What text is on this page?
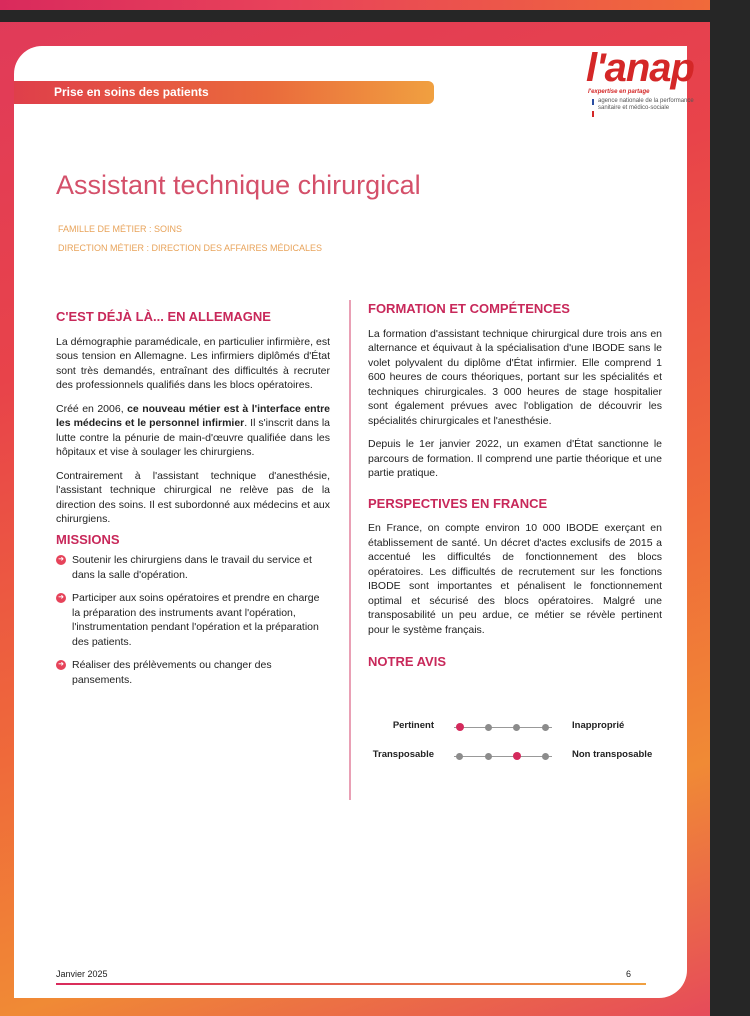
Prise en soins des patients
l'anap
l'expertise en partage
agence nationale de la performance sanitaire et médico-sociale
Assistant technique chirurgical
FAMILLE DE MÉTIER : SOINS
DIRECTION MÉTIER : DIRECTION DES AFFAIRES MÉDICALES
C'EST DÉJÀ LÀ... EN ALLEMAGNE

La démographie paramédicale, en particulier infirmière, est sous tension en Allemagne. Les infirmiers diplômés d'État sont très demandés, entraînant des difficultés à recruter des professionnels qualifiés dans les blocs opératoires.

Créé en 2006, ce nouveau métier est à l'interface entre les médecins et le personnel infirmier. Il s'inscrit dans la lutte contre la pénurie de main-d'œuvre qualifiée dans les hôpitaux et vise à soulager les chirurgiens.

Contrairement à l'assistant technique d'anesthésie, l'assistant technique chirurgical ne relève pas de la direction des soins. Il est subordonné aux médecins et aux chirurgiens.

MISSIONS
➜ Soutenir les chirurgiens dans le travail du service et dans la salle d'opération.
➜ Participer aux soins opératoires et prendre en charge la préparation des instruments avant l'opération, l'instrumentation pendant l'opération et la préparation des patients.
➜ Réaliser des prélèvements ou changer des pansements.
FORMATION ET COMPÉTENCES

La formation d'assistant technique chirurgical dure trois ans en alternance et équivaut à la spécialisation d'une IBODE sans le volet polyvalent du diplôme d'État infirmier. Elle comprend 1 600 heures de cours théoriques, portant sur les spécialités et techniques chirurgicales. 3 000 heures de stage hospitalier sont également prévues avec l'obligation de découvrir les spécialités chirurgicales et l'anesthésie.

Depuis le 1er janvier 2022, un examen d'État sanctionne le parcours de formation. Il comprend une partie théorique et une partie pratique.

PERSPECTIVES EN FRANCE

En France, on compte environ 10 000 IBODE exerçant en établissement de santé. Un décret d'actes exclusifs de 2015 a accentué les difficultés de fonctionnement des blocs opératoires. Les difficultés de recrutement sur les fonctions IBODE sont importantes et pénalisent le fonctionnement optimal et sécurisé des blocs opératoires. Malgré une transposabilité un peu ardue, ce métier se révèle pertinent pour le système français.

NOTRE AVIS
Pertinent	Inapproprié
Transposable	Non transposable
Janvier 2025	6
